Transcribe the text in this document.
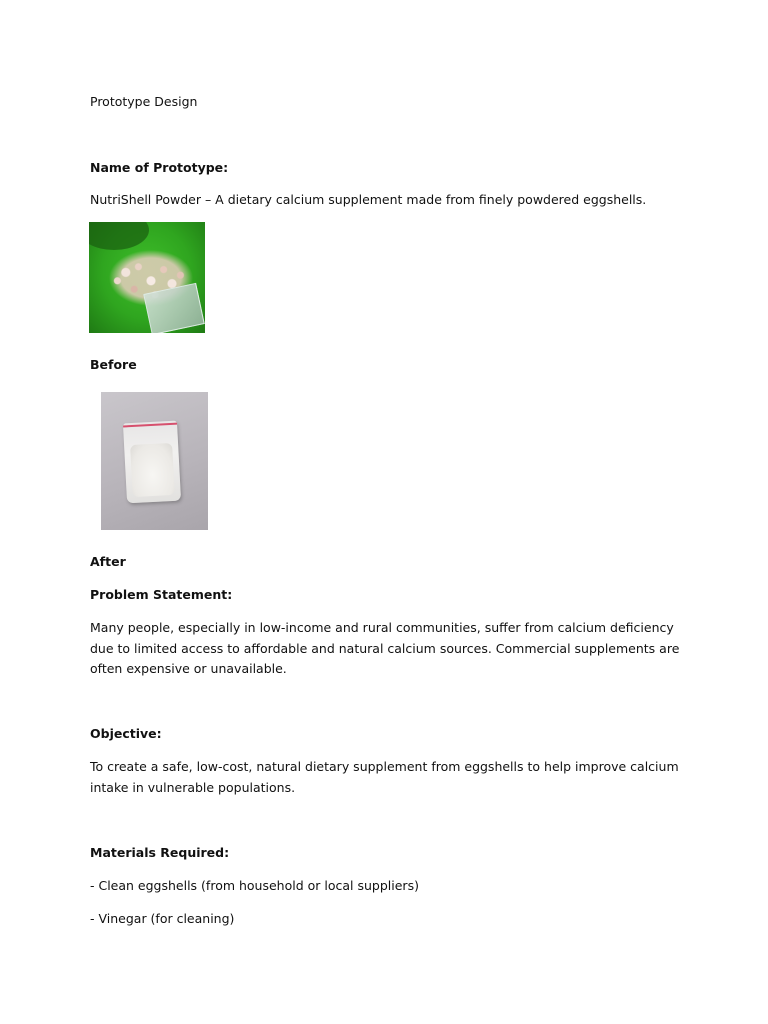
Prototype Design
Name of Prototype:
NutriShell Powder – A dietary calcium supplement made from finely powdered eggshells.
Before
After
Problem Statement:
Many people, especially in low-income and rural communities, suffer from calcium deficiency due to limited access to affordable and natural calcium sources. Commercial supplements are often expensive or unavailable.
Objective:
To create a safe, low-cost, natural dietary supplement from eggshells to help improve calcium intake in vulnerable populations.
Materials Required:
- Clean eggshells (from household or local suppliers)
- Vinegar (for cleaning)
